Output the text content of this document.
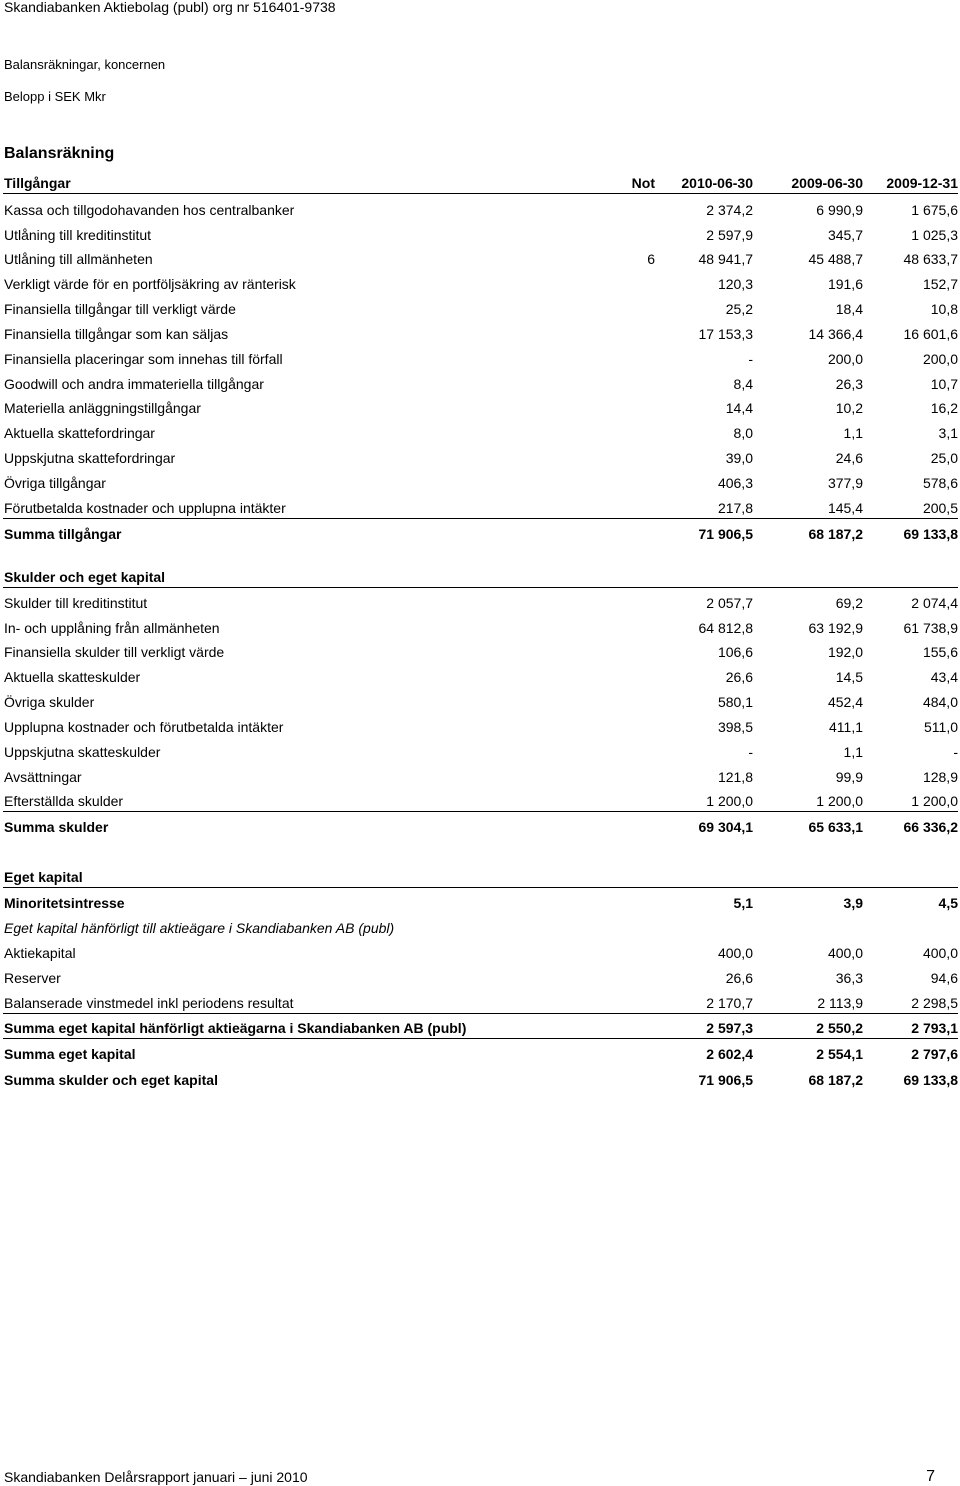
Skandiabanken Aktiebolag (publ) org nr 516401-9738
Balansräkningar, koncernen
Belopp i SEK Mkr
Balansräkning
Tillgångar	Not 2010-06-30	2009-06-30 2009-12-31
Kassa och tillgodohavanden hos centralbanker	2 374,2	6 990,9	1 675,6
Utlåning till kreditinstitut	2 597,9	345,7	1 025,3
Utlåning till allmänheten	6	48 941,7	45 488,7	48 633,7
Verkligt värde för en portföljsäkring av ränterisk	120,3	191,6	152,7
Finansiella tillgångar till verkligt värde	25,2	18,4	10,8
Finansiella tillgångar som kan säljas	17 153,3	14 366,4	16 601,6
Finansiella placeringar som innehas till förfall	-	200,0	200,0
Goodwill och andra immateriella tillgångar	8,4	26,3	10,7
Materiella anläggningstillgångar	14,4	10,2	16,2
Aktuella skattefordringar	8,0	1,1	3,1
Uppskjutna skattefordringar	39,0	24,6	25,0
Övriga tillgångar	406,3	377,9	578,6
Förutbetalda kostnader och upplupna intäkter	217,8	145,4	200,5
Summa tillgångar	71 906,5	68 187,2	69 133,8
Skulder och eget kapital
Skulder till kreditinstitut	2 057,7	69,2	2 074,4
In- och upplåning från allmänheten	64 812,8	63 192,9	61 738,9
Finansiella skulder till verkligt värde	106,6	192,0	155,6
Aktuella skatteskulder	26,6	14,5	43,4
Övriga skulder	580,1	452,4	484,0
Upplupna kostnader och förutbetalda intäkter	398,5	411,1	511,0
Uppskjutna skatteskulder	-	1,1	-
Avsättningar	121,8	99,9	128,9
Efterställda skulder	1 200,0	1 200,0	1 200,0
Summa skulder	69 304,1	65 633,1	66 336,2
Eget kapital
Minoritetsintresse	5,1	3,9	4,5
Eget kapital hänförligt till aktieägare i Skandiabanken AB (publ)
Aktiekapital	400,0	400,0	400,0
Reserver	26,6	36,3	94,6
Balanserade vinstmedel inkl periodens resultat	2 170,7	2 113,9	2 298,5
Summa eget kapital hänförligt aktieägarna i Skandiabanken AB (publ)	2 597,3	2 550,2	2 793,1
Summa eget kapital	2 602,4	2 554,1	2 797,6
Summa skulder och eget kapital	71 906,5	68 187,2	69 133,8
Skandiabanken Delårsrapport januari – juni 2010	7
